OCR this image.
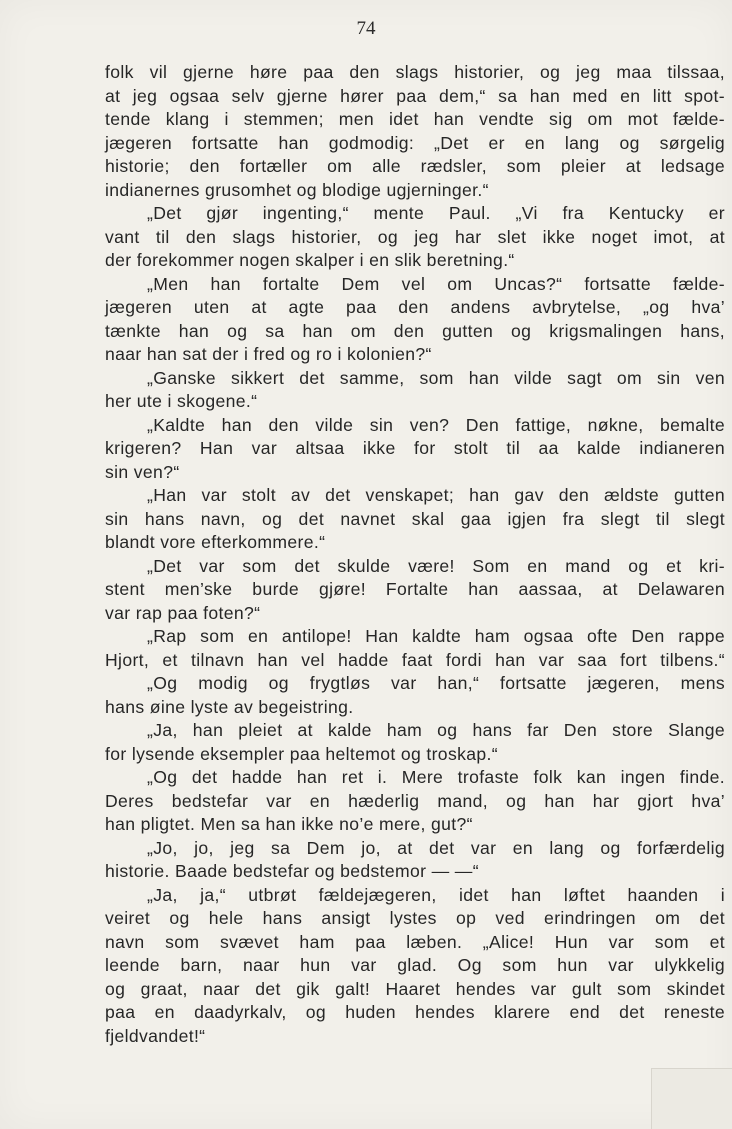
74
folk vil gjerne høre paa den slags historier, og jeg maa tilssaa,
at jeg ogsaa selv gjerne hører paa dem,“ sa han med en litt spot-
tende klang i stemmen; men idet han vendte sig om mot fælde-
jægeren fortsatte han godmodig: „Det er en lang og sørgelig
historie; den fortæller om alle rædsler, som pleier at ledsage
indianernes grusomhet og blodige ugjerninger.“
„Det gjør ingenting,“ mente Paul. „Vi fra Kentucky er
vant til den slags historier, og jeg har slet ikke noget imot, at
der forekommer nogen skalper i en slik beretning.“
„Men han fortalte Dem vel om Uncas?“ fortsatte fælde-
jægeren uten at agte paa den andens avbrytelse, „og hva’
tænkte han og sa han om den gutten og krigsmalingen hans,
naar han sat der i fred og ro i kolonien?“
„Ganske sikkert det samme, som han vilde sagt om sin ven
her ute i skogene.“
„Kaldte han den vilde sin ven? Den fattige, nøkne, bemalte
krigeren? Han var altsaa ikke for stolt til aa kalde indianeren
sin ven?“
„Han var stolt av det venskapet; han gav den ældste gutten
sin hans navn, og det navnet skal gaa igjen fra slegt til slegt
blandt vore efterkommere.“
„Det var som det skulde være! Som en mand og et kri-
stent men’ske burde gjøre! Fortalte han aassaa, at Delawaren
var rap paa foten?“
„Rap som en antilope! Han kaldte ham ogsaa ofte Den rappe
Hjort, et tilnavn han vel hadde faat fordi han var saa fort tilbens.“
„Og modig og frygtløs var han,“ fortsatte jægeren, mens
hans øine lyste av begeistring.
„Ja, han pleiet at kalde ham og hans far Den store Slange
for lysende eksempler paa heltemot og troskap.“
„Og det hadde han ret i. Mere trofaste folk kan ingen finde.
Deres bedstefar var en hæderlig mand, og han har gjort hva’
han pligtet. Men sa han ikke no’e mere, gut?“
„Jo, jo, jeg sa Dem jo, at det var en lang og forfærdelig
historie. Baade bedstefar og bedstemor — —“
„Ja, ja,“ utbrøt fældejægeren, idet han løftet haanden i
veiret og hele hans ansigt lystes op ved erindringen om det
navn som svævet ham paa læben. „Alice! Hun var som et
leende barn, naar hun var glad. Og som hun var ulykkelig
og graat, naar det gik galt! Haaret hendes var gult som skindet
paa en daadyrkalv, og huden hendes klarere end det reneste
fjeldvandet!“
